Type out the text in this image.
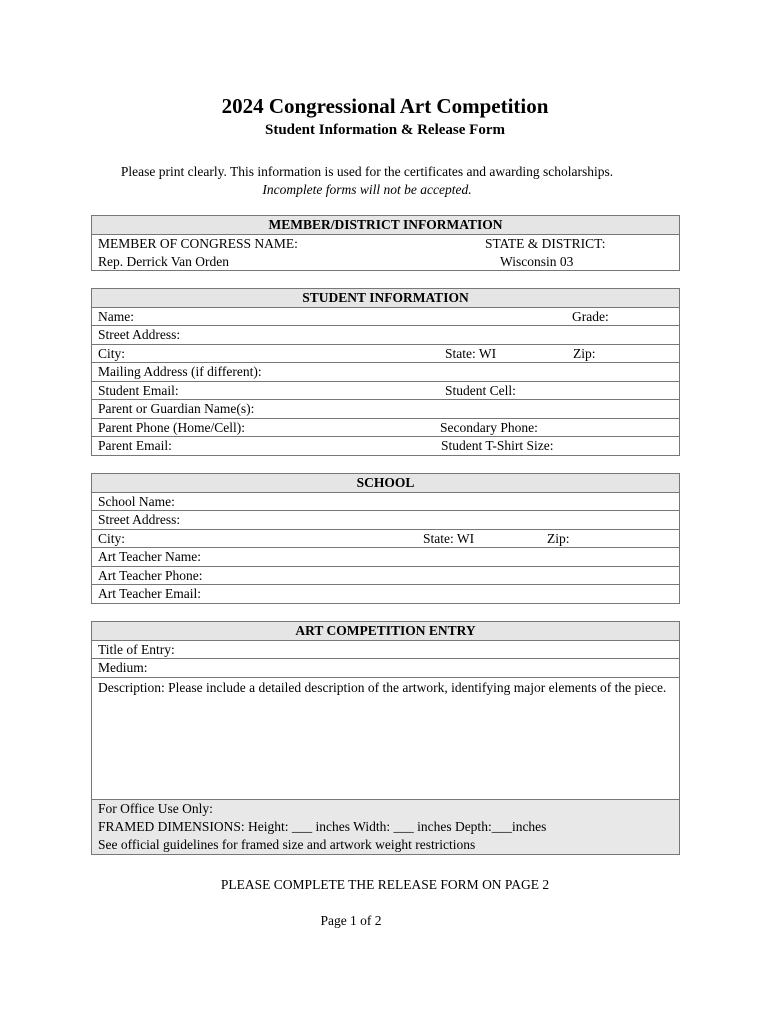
2024 Congressional Art Competition
Student Information & Release Form
Please print clearly. This information is used for the certificates and awarding scholarships.
Incomplete forms will not be accepted.
MEMBER/DISTRICT INFORMATION

MEMBER OF CONGRESS NAME:	STATE & DISTRICT:
Rep. Derrick Van Orden	Wisconsin 03
STUDENT INFORMATION
Name:	Grade:

Street Address:
City:	State: WI	Zip:

Mailing Address (if different):
Student Email:	Student Cell:

Parent or Guardian Name(s):
Parent Phone (Home/Cell):	Secondary Phone:

Parent Email:	Student T-Shirt Size:
SCHOOL
School Name:
Street Address:
City:	State: WI	Zip:

Art Teacher Name:
Art Teacher Phone:
Art Teacher Email:
ART COMPETITION ENTRY
Title of Entry:
Medium:
Description: Please include a detailed description of the artwork, identifying major elements of the piece.
For Office Use Only:
FRAMED DIMENSIONS: Height: ___ inches Width: ___ inches Depth:___inches
See official guidelines for framed size and artwork weight restrictions
PLEASE COMPLETE THE RELEASE FORM ON PAGE 2
Page 1 of 2
